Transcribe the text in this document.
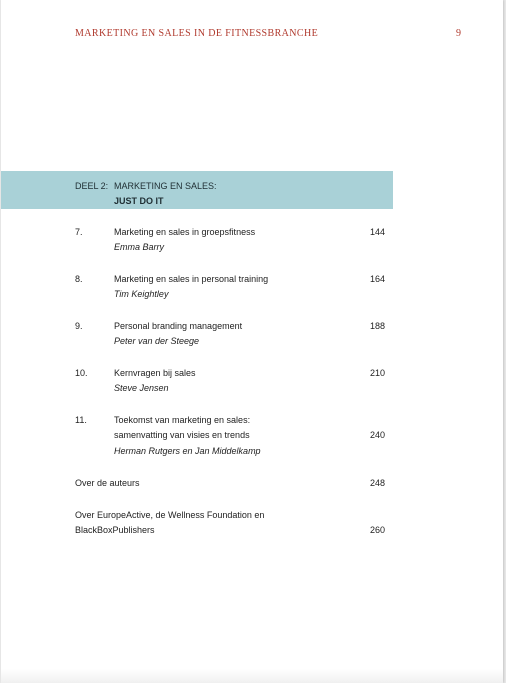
MARKETING EN SALES IN DE FITNESSBRANCHE	9
DEEL 2: MARKETING EN SALES:
JUST DO IT
7.	Marketing en sales in groepsfitness	144
Emma Barry
8.	Marketing en sales in personal training	164
Tim Keightley
9.	Personal branding management	188
Peter van der Steege
10.	Kernvragen bij sales	210
Steve Jensen
11.	Toekomst van marketing en sales:
samenvatting van visies en trends	240
Herman Rutgers en Jan Middelkamp
Over de auteurs	248
Over EuropeActive, de Wellness Foundation en
BlackBoxPublishers	260
